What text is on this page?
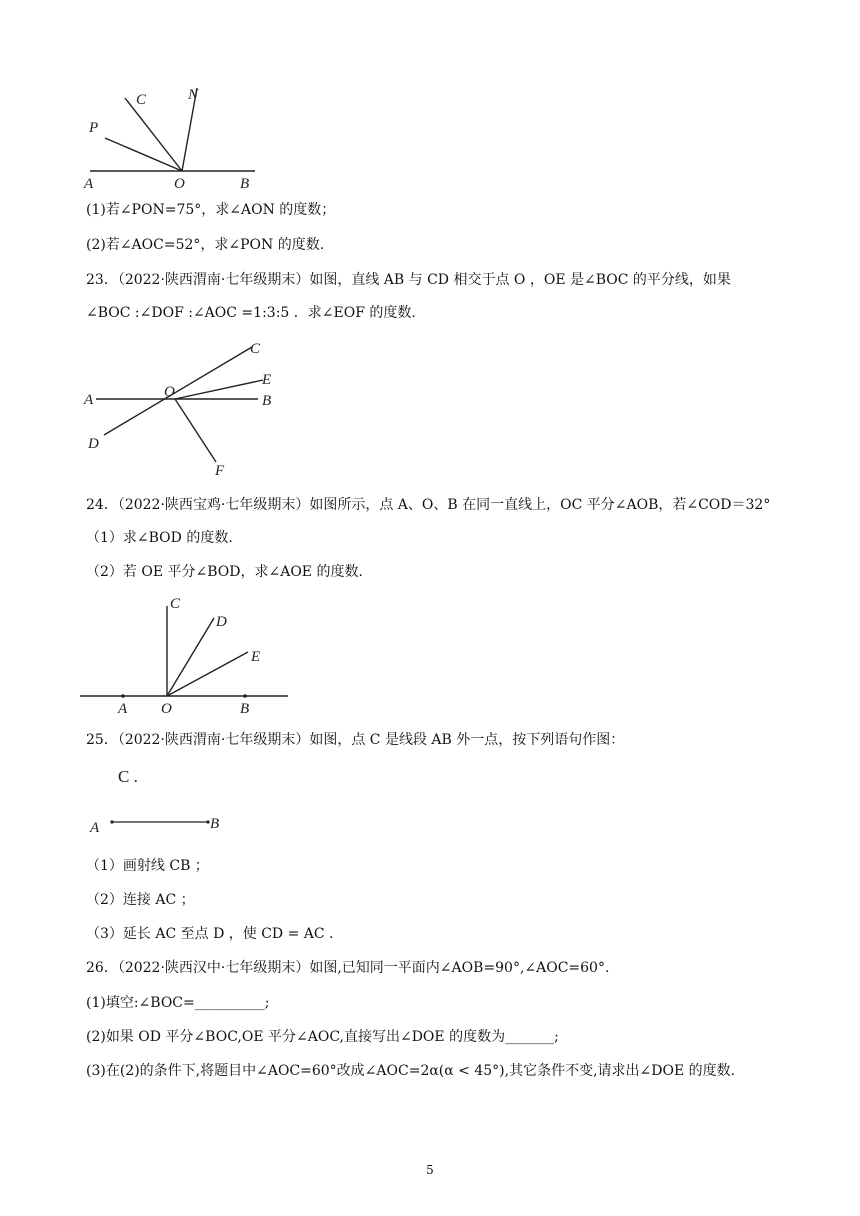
P
C	N
A	O	B
(1)若∠PON=75°，求∠AON 的度数；
(2)若∠AOC=52°，求∠PON 的度数.
23．（2022·陕西渭南·七年级期末）如图，直线 AB 与 CD 相交于点 O ，OE 是∠BOC 的平分线，如果
∠BOC :∠DOF :∠AOC =1:3:5 ．求∠EOF 的度数.
C
E
A	O
B
D
F
24．（2022·陕西宝鸡·七年级期末）如图所示，点 A、O、B 在同一直线上，OC 平分∠AOB，若∠COD＝32°
（1）求∠BOD 的度数.
（2）若 OE 平分∠BOD，求∠AOE 的度数.
C
D
E
A O	B
25．（2022·陕西渭南·七年级期末）如图，点 C 是线段 AB 外一点，按下列语句作图：
C .
A	B
（1）画射线 CB ；
（2）连接 AC ；
（3）延长 AC 至点 D ，使 CD = AC .
26．（2022·陕西汉中·七年级期末）如图,已知同一平面内∠AOB=90°,∠AOC=60°.
(1)填空:∠BOC=__________;
(2)如果 OD 平分∠BOC,OE 平分∠AOC,直接写出∠DOE 的度数为_______;
(3)在(2)的条件下,将题目中∠AOC=60°改成∠AOC=2α(α < 45°),其它条件不变,请求出∠DOE 的度数.
5
